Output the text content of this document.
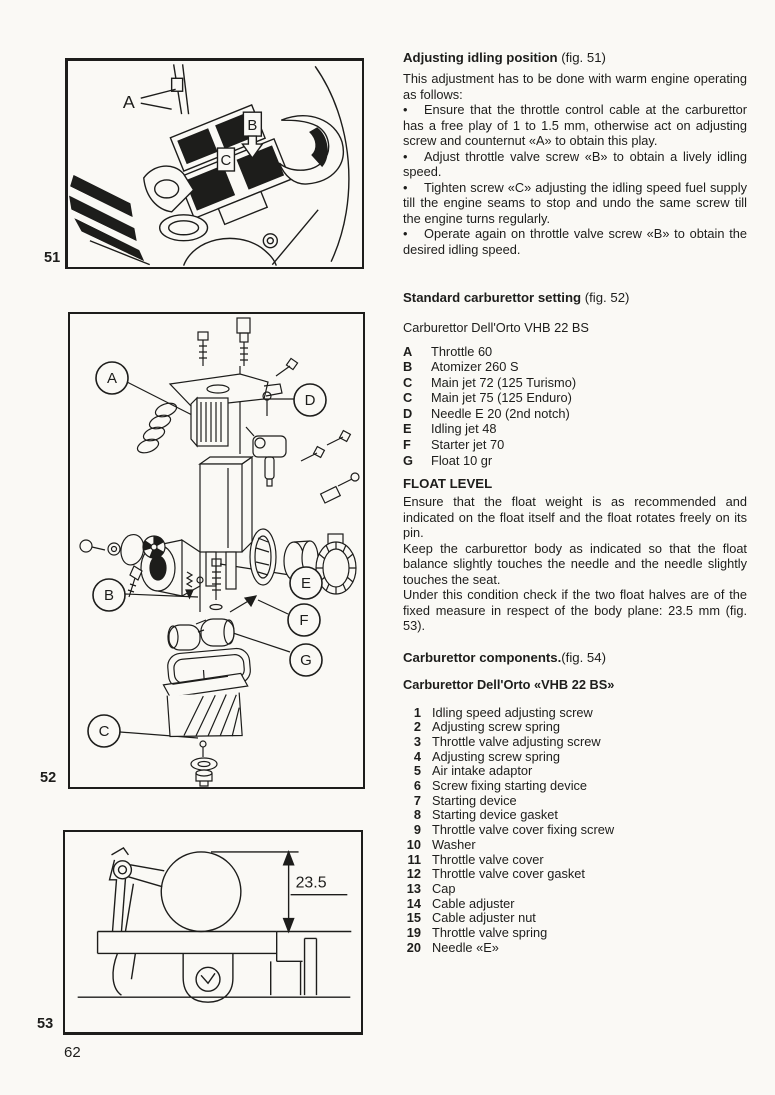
A
B
C
51
A
D
B
E
F
G
C
52
23.5
53
62
Adjusting idling position (fig. 51)

This adjustment has to be done with warm engine operating as follows:

• Ensure that the throttle control cable at the carburettor has a free play of 1 to 1.5 mm, otherwise act on adjusting screw and counternut «A» to obtain this play.

• Adjust throttle valve screw «B» to obtain a lively idling speed.

• Tighten screw «C» adjusting the idling speed fuel supply till the engine seams to stop and undo the same screw till the engine turns regularly.

• Operate again on throttle valve screw «B» to obtain the desired idling speed.

Standard carburettor setting (fig. 52)
Carburettor Dell'Orto VHB 22 BS
A	Throttle 60
B	Atomizer 260 S
C	Main jet 72 (125 Turismo)
C	Main jet 75 (125 Enduro)
D	Needle E 20 (2nd notch)
E	Idling jet 48
F	Starter jet 70
G	Float 10 gr
FLOAT LEVEL

Ensure that the float weight is as recommended and indicated on the float itself and the float rotates freely on its pin.

Keep the carburettor body as indicated so that the float balance slightly touches the needle and the needle slightly touches the seat.

Under this condition check if the two float halves are of the fixed measure in respect of the body plane: 23.5 mm (fig. 53).

Carburettor components.(fig. 54)
Carburettor Dell'Orto «VHB 22 BS»
1 Idling speed adjusting screw
2 Adjusting screw spring
3 Throttle valve adjusting screw
4 Adjusting screw spring
5 Air intake adaptor
6 Screw fixing starting device
7 Starting device
8 Starting device gasket
9 Throttle valve cover fixing screw
10 Washer
11 Throttle valve cover
12 Throttle valve cover gasket
13 Cap
14 Cable adjuster
15 Cable adjuster nut
19 Throttle valve spring
20 Needle «E»
